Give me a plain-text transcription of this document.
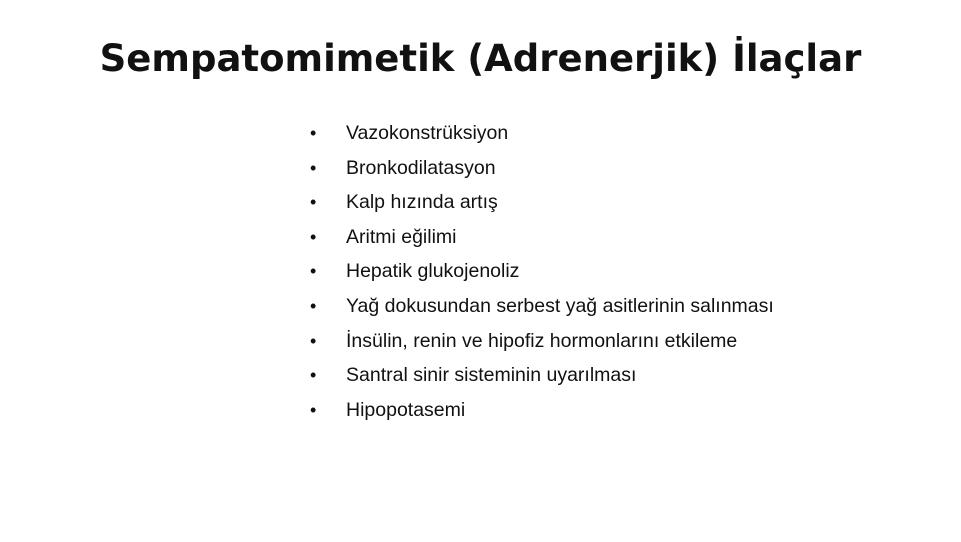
Sempatomimetik (Adrenerjik) İlaçlar
• Vazokonstrüksiyon
• Bronkodilatasyon
• Kalp hızında artış
• Aritmi eğilimi
• Hepatik glukojenoliz
• Yağ dokusundan serbest yağ asitlerinin salınması
• İnsülin, renin ve hipofiz hormonlarını etkileme
• Santral sinir sisteminin uyarılması
• Hipopotasemi
